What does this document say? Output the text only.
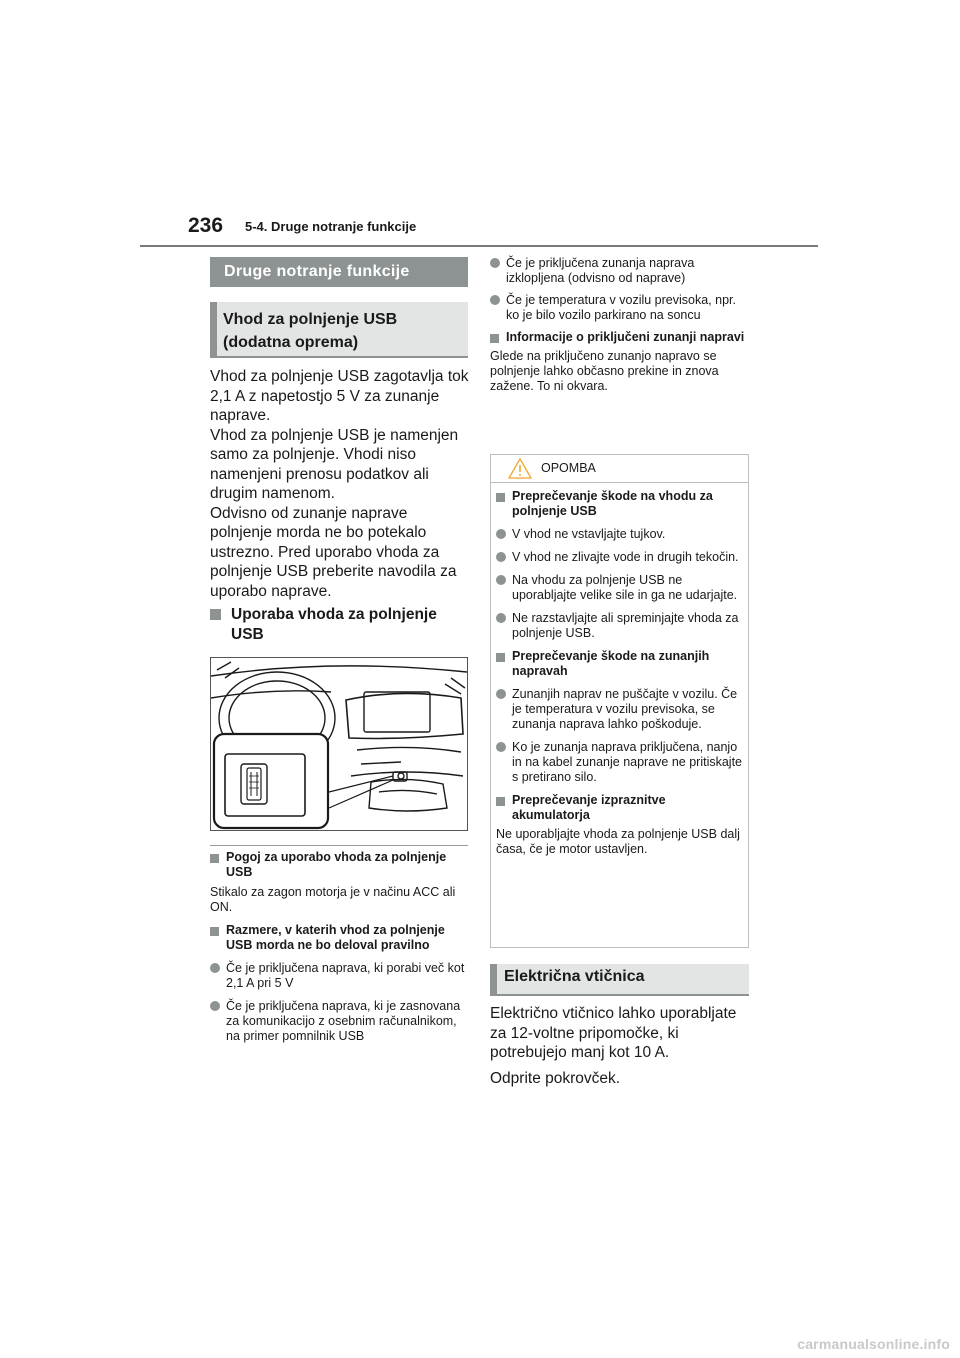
236 5-4. Druge notranje funkcije
Druge notranje funkcije
Vhod za polnjenje USB
(dodatna oprema)

Vhod za polnjenje USB zagotavlja tok 2,1 A z napetostjo 5 V za zunanje naprave.

Vhod za polnjenje USB je namenjen samo za polnjenje. Vhodi niso namenjeni prenosu podatkov ali drugim namenom.

Odvisno od zunanje naprave polnjenje morda ne bo potekalo ustrezno. Pred uporabo vhoda za polnjenje USB preberite navodila za uporabo naprave.

Uporaba vhoda za polnjenje USB
Pogoj za uporabo vhoda za polnjenje USB
Stikalo za zagon motorja je v načinu ACC ali ON.
Razmere, v katerih vhod za polnjenje USB morda ne bo deloval pravilno
Če je priključena naprava, ki porabi več kot 2,1 A pri 5 V
Če je priključena naprava, ki je zasnovana za komunikacijo z osebnim računalnikom, na primer pomnilnik USB
Če je priključena zunanja naprava izklopljena (odvisno od naprave)
Če je temperatura v vozilu previsoka, npr. ko je bilo vozilo parkirano na soncu
Informacije o priključeni zunanji napravi
Glede na priključeno zunanjo napravo se polnjenje lahko občasno prekine in znova zažene. To ni okvara.
OPOMBA
Preprečevanje škode na vhodu za polnjenje USB
V vhod ne vstavljajte tujkov.
V vhod ne zlivajte vode in drugih tekočin.
Na vhodu za polnjenje USB ne uporabljajte velike sile in ga ne udarjajte.
Ne razstavljajte ali spreminjajte vhoda za polnjenje USB.
Preprečevanje škode na zunanjih napravah
Zunanjih naprav ne puščajte v vozilu. Če je temperatura v vozilu previsoka, se zunanja naprava lahko poškoduje.
Ko je zunanja naprava priključena, nanjo in na kabel zunanje naprave ne pritiskajte s pretirano silo.
Preprečevanje izpraznitve akumulatorja
Ne uporabljajte vhoda za polnjenje USB dalj časa, če je motor ustavljen.
Električna vtičnica

Električno vtičnico lahko uporabljate za 12-voltne pripomočke, ki potrebujejo manj kot 10 A.

Odprite pokrovček.

carmanualsonline.info
